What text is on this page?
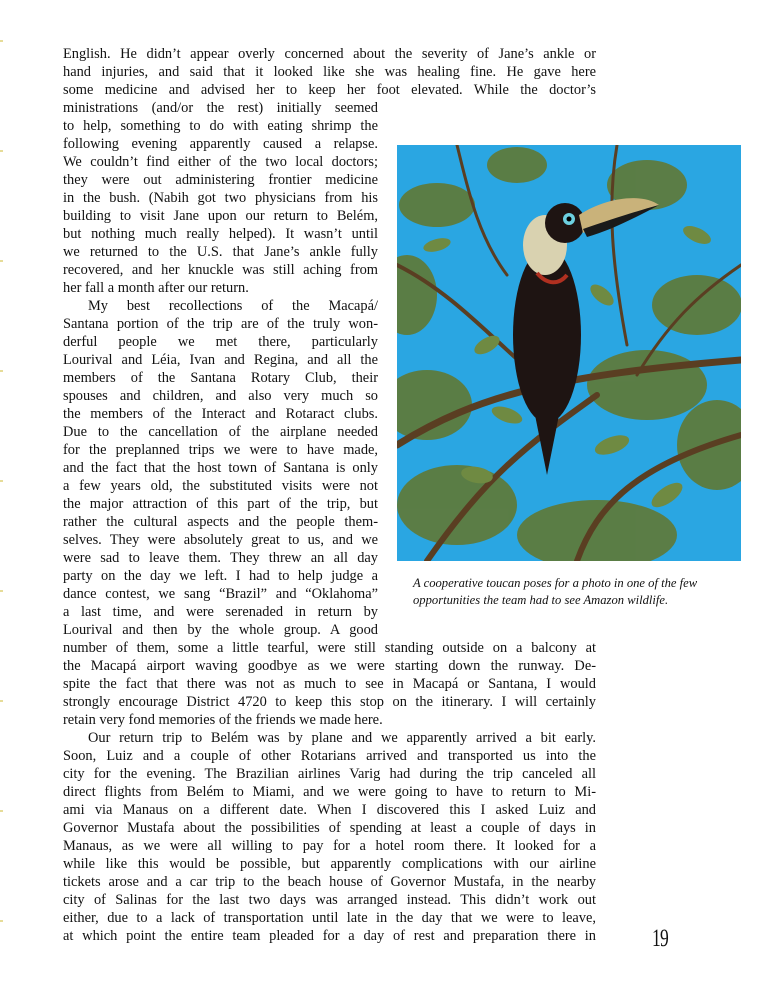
English. He didn’t appear overly concerned about the severity of Jane’s ankle or
hand injuries, and said that it looked like she was healing fine. He gave here
some medicine and advised her to keep her foot elevated. While the doctor’s
ministrations (and/or the rest) initially seemed
to help, something to do with eating shrimp the
following evening apparently caused a relapse.
We couldn’t find either of the two local doctors;
they were out administering frontier medicine
in the bush. (Nabih got two physicians from his
building to visit Jane upon our return to Belém,
but nothing much really helped). It wasn’t until
we returned to the U.S. that Jane’s ankle fully
recovered, and her knuckle was still aching from
her fall a month after our return.
My best recollections of the Macapá/
Santana portion of the trip are of the truly won-
derful people we met there, particularly
Lourival and Léia, Ivan and Regina, and all the
members of the Santana Rotary Club, their
spouses and children, and also very much so
the members of the Interact and Rotaract clubs.
Due to the cancellation of the airplane needed
for the preplanned trips we were to have made,
and the fact that the host town of Santana is only
a few years old, the substituted visits were not
the major attraction of this part of the trip, but
rather the cultural aspects and the people them-
selves. They were absolutely great to us, and we
were sad to leave them. They threw an all day
party on the day we left. I had to help judge a
dance contest, we sang “Brazil” and “Oklahoma”
a last time, and were serenaded in return by
Lourival and then by the whole group. A good
number of them, some a little tearful, were still standing outside on a balcony at
the Macapá airport waving goodbye as we were starting down the runway. De-
spite the fact that there was not as much to see in Macapá or Santana, I would
strongly encourage District 4720 to keep this stop on the itinerary. I will certainly
retain very fond memories of the friends we made here.
Our return trip to Belém was by plane and we apparently arrived a bit early.
Soon, Luiz and a couple of other Rotarians arrived and transported us into the
city for the evening. The Brazilian airlines Varig had during the trip canceled all
direct flights from Belém to Miami, and we were going to have to return to Mi-
ami via Manaus on a different date. When I discovered this I asked Luiz and
Governor Mustafa about the possibilities of spending at least a couple of days in
Manaus, as we were all willing to pay for a hotel room there. It looked for a
while like this would be possible, but apparently complications with our airline
tickets arose and a car trip to the beach house of Governor Mustafa, in the nearby
city of Salinas for the last two days was arranged instead. This didn’t work out
either, due to a lack of transportation until late in the day that we were to leave,
at which point the entire team pleaded for a day of rest and preparation there in
A cooperative toucan poses for a photo in one of the few
opportunities the team had to see Amazon wildlife.
19
